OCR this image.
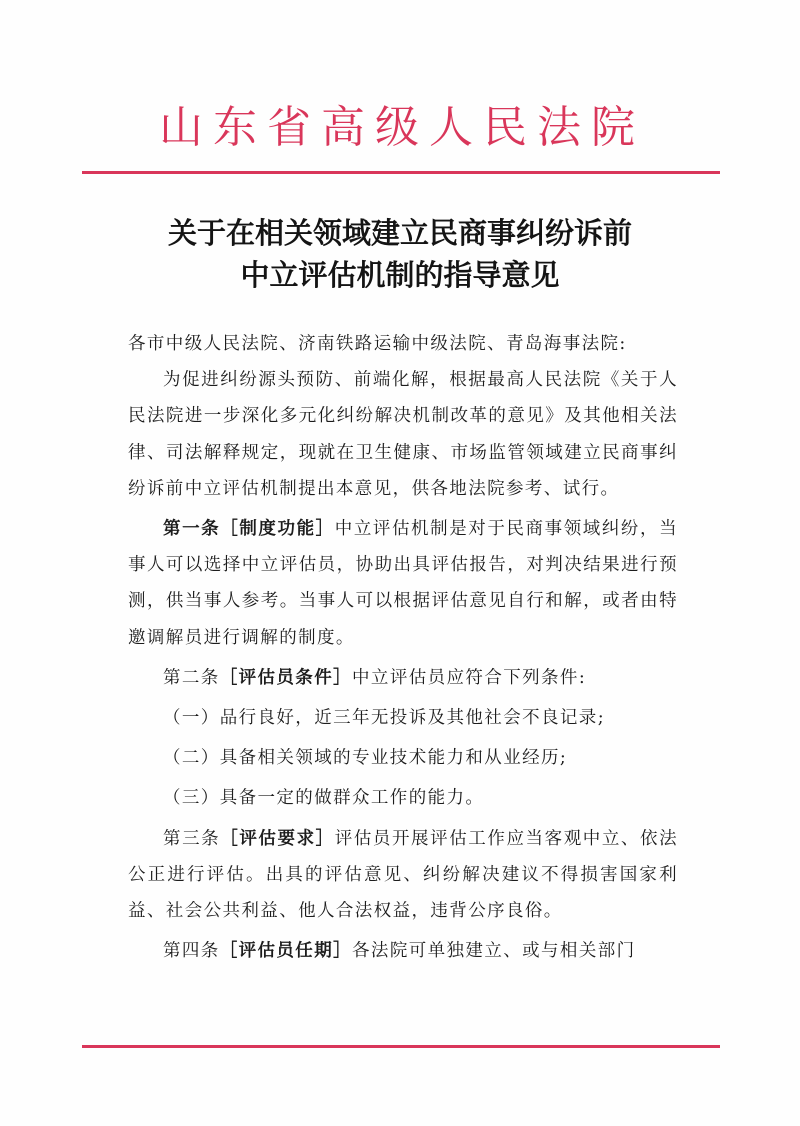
山东省高级人民法院
关于在相关领域建立民商事纠纷诉前
中立评估机制的指导意见

各市中级人民法院、济南铁路运输中级法院、青岛海事法院:

为促进纠纷源头预防、前端化解，根据最高人民法院《关于人民法院进一步深化多元化纠纷解决机制改革的意见》及其他相关法律、司法解释规定，现就在卫生健康、市场监管领域建立民商事纠纷诉前中立评估机制提出本意见，供各地法院参考、试行。

第一条［制度功能］中立评估机制是对于民商事领域纠纷，当事人可以选择中立评估员，协助出具评估报告，对判决结果进行预测，供当事人参考。当事人可以根据评估意见自行和解，或者由特邀调解员进行调解的制度。

第二条［评估员条件］中立评估员应符合下列条件:

（一）品行良好，近三年无投诉及其他社会不良记录;

（二）具备相关领域的专业技术能力和从业经历;

（三）具备一定的做群众工作的能力。

第三条［评估要求］评估员开展评估工作应当客观中立、依法公正进行评估。出具的评估意见、纠纷解决建议不得损害国家利益、社会公共利益、他人合法权益，违背公序良俗。

第四条［评估员任期］各法院可单独建立、或与相关部门
